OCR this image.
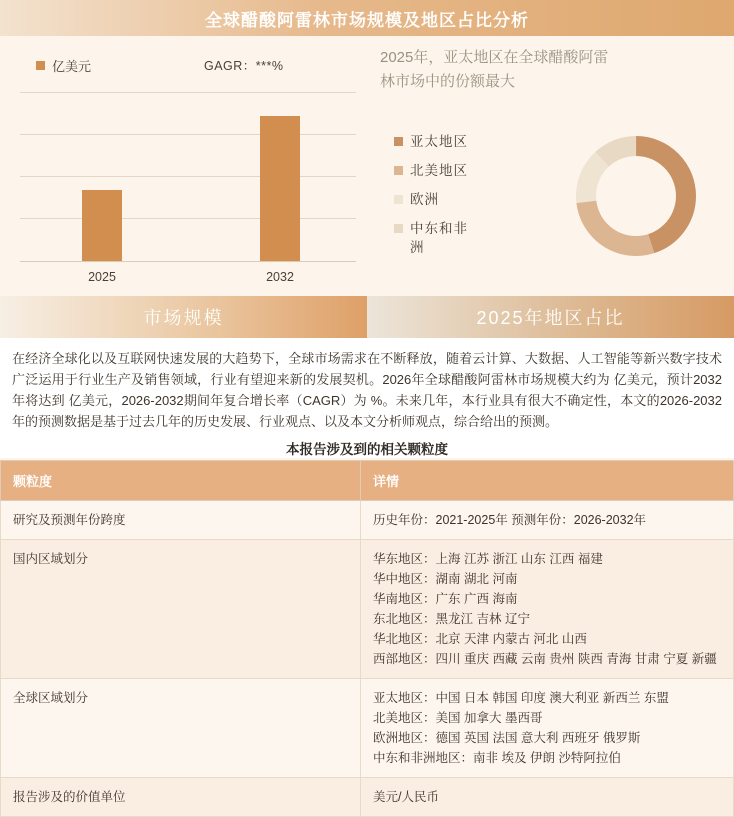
全球醋酸阿雷林市场规模及地区占比分析
亿美元	GAGR：***%
2025	2032
2025年，亚太地区在全球醋酸阿雷林市场中的份额最大
亚太地区
北美地区
欧洲
中东和非洲
市场规模	2025年地区占比
在经济全球化以及互联网快速发展的大趋势下，全球市场需求在不断释放，随着云计算、大数据、人工智能等新兴数字技术广泛运用于行业生产及销售领域，行业有望迎来新的发展契机。2026年全球醋酸阿雷林市场规模大约为 亿美元，预计2032年将达到 亿美元，2026-2032期间年复合增长率（CAGR）为 %。未来几年，本行业具有很大不确定性，本文的2026-2032年的预测数据是基于过去几年的历史发展、行业观点、以及本文分析师观点，综合给出的预测。
本报告涉及到的相关颗粒度
颗粒度	详情
研究及预测年份跨度	历史年份：2021-2025年 预测年份：2026-2032年

国内区域划分	华东地区：上海 江苏 浙江 山东 江西 福建
华中地区：湖南 湖北 河南
华南地区：广东 广西 海南
东北地区：黑龙江 吉林 辽宁
华北地区：北京 天津 内蒙古 河北 山西
西部地区：四川 重庆 西藏 云南 贵州 陕西 青海 甘肃 宁夏 新疆

全球区域划分	亚太地区：中国 日本 韩国 印度 澳大利亚 新西兰 东盟
北美地区：美国 加拿大 墨西哥
欧洲地区：德国 英国 法国 意大利 西班牙 俄罗斯
中东和非洲地区：南非 埃及 伊朗 沙特阿拉伯

报告涉及的价值单位	美元/人民币
